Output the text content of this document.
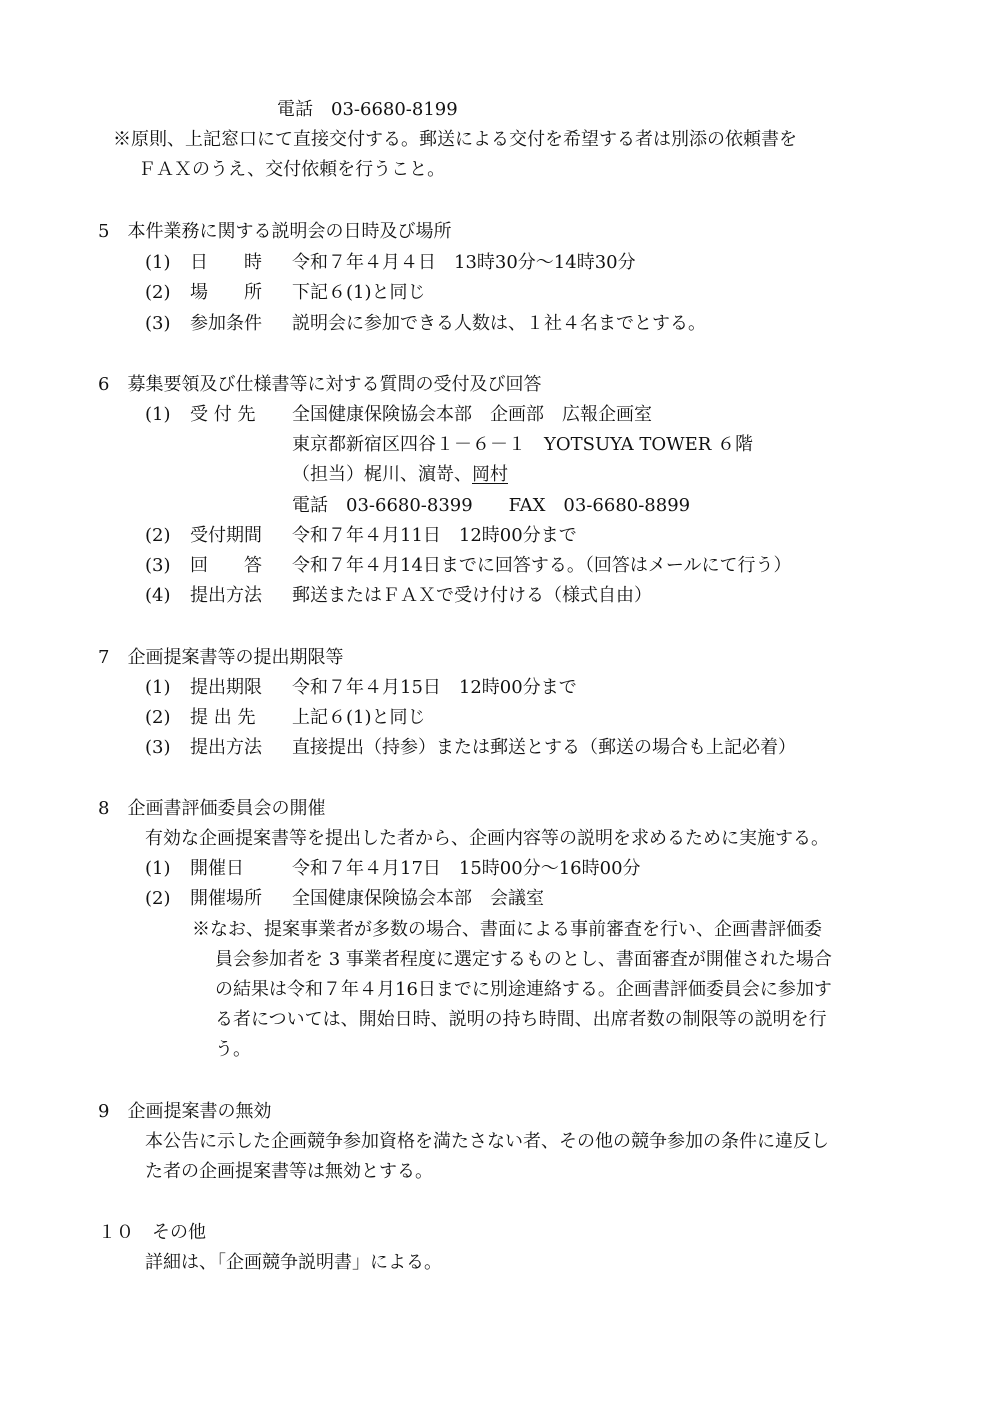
電話　03-6680-8199
※原則、上記窓口にて直接交付する。郵送による交付を希望する者は別添の依頼書を
ＦＡＸのうえ、交付依頼を行うこと。
5　本件業務に関する説明会の日時及び場所
(1) 日　　時 令和７年４月４日　13時30分～14時30分
(2) 場　　所 下記６(1)と同じ
(3) 参加条件 説明会に参加できる人数は、１社４名までとする。
6　募集要領及び仕様書等に対する質問の受付及び回答
(1) 受 付 先 全国健康保険協会本部　企画部　広報企画室
東京都新宿区四谷１－６－１　YOTSUYA TOWER ６階
（担当）梶川、濵嵜、岡村
電話　03-6680-8399　　FAX　03-6680-8899
(2) 受付期間 令和７年４月11日　12時00分まで
(3) 回　　答 令和７年４月14日までに回答する。（回答はメールにて行う）
(4) 提出方法 郵送またはＦＡＸで受け付ける（様式自由）
7　企画提案書等の提出期限等
(1) 提出期限 令和７年４月15日　12時00分まで
(2) 提 出 先 上記６(1)と同じ
(3) 提出方法 直接提出（持参）または郵送とする（郵送の場合も上記必着）
8　企画書評価委員会の開催
有効な企画提案書等を提出した者から、企画内容等の説明を求めるために実施する。
(1) 開催日	令和７年４月17日　15時00分～16時00分
(2) 開催場所 全国健康保険協会本部　会議室
※なお、提案事業者が多数の場合、書面による事前審査を行い、企画書評価委
員会参加者を 3 事業者程度に選定するものとし、書面審査が開催された場合
の結果は令和７年４月16日までに別途連絡する。企画書評価委員会に参加す
る者については、開始日時、説明の持ち時間、出席者数の制限等の説明を行
う。
9　企画提案書の無効
本公告に示した企画競争参加資格を満たさない者、その他の競争参加の条件に違反し
た者の企画提案書等は無効とする。
１０　その他
詳細は、「企画競争説明書」による。
